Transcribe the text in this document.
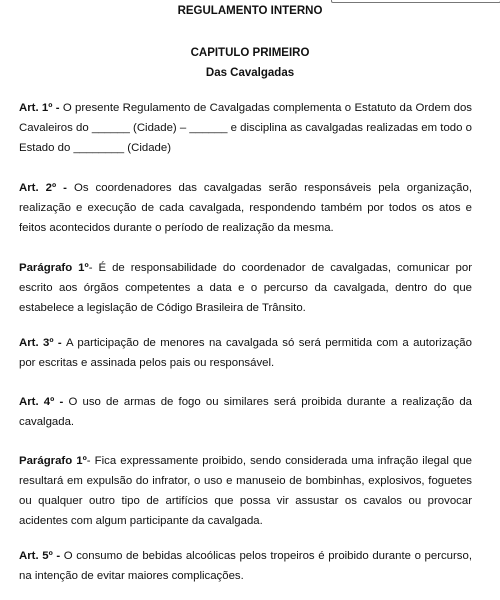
REGULAMENTO INTERNO
CAPITULO PRIMEIRO
Das Cavalgadas

Art. 1º - O presente Regulamento de Cavalgadas complementa o Estatuto da Ordem dos Cavaleiros do ______ (Cidade) – ______ e disciplina as cavalgadas realizadas em todo o Estado do ________ (Cidade)

Art. 2º - Os coordenadores das cavalgadas serão responsáveis pela organização, realização e execução de cada cavalgada, respondendo também por todos os atos e feitos acontecidos durante o período de realização da mesma.

Parágrafo 1º- É de responsabilidade do coordenador de cavalgadas, comunicar por escrito aos órgãos competentes a data e o percurso da cavalgada, dentro do que estabelece a legislação de Código Brasileira de Trânsito.

Art. 3º - A participação de menores na cavalgada só será permitida com a autorização por escritas e assinada pelos pais ou responsável.

Art. 4º - O uso de armas de fogo ou similares será proibida durante a realização da cavalgada.

Parágrafo 1º- Fica expressamente proibido, sendo considerada uma infração ilegal que resultará em expulsão do infrator, o uso e manuseio de bombinhas, explosivos, foguetes ou qualquer outro tipo de artifícios que possa vir assustar os cavalos ou provocar acidentes com algum participante da cavalgada.

Art. 5º - O consumo de bebidas alcoólicas pelos tropeiros é proibido durante o percurso, na intenção de evitar maiores complicações.
